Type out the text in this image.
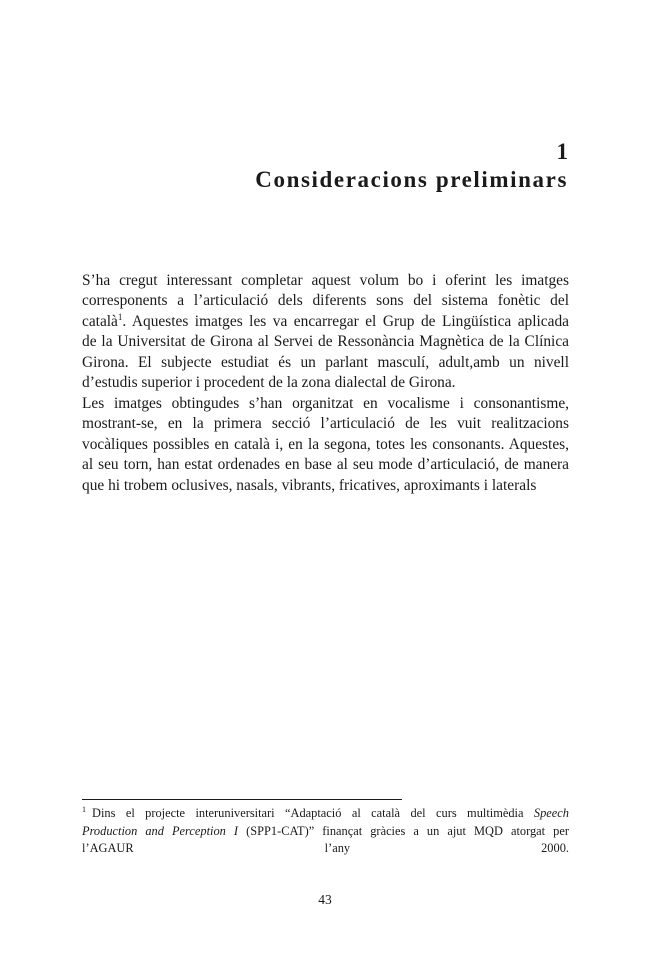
1
Consideracions preliminars

S’ha cregut interessant completar aquest volum bo i oferint les imatges
corresponents a l’articulació dels diferents sons del sistema fonètic del
català$^1$. Aquestes imatges les va encarregar el Grup de Lingüística aplicada
de la Universitat de Girona al Servei de Ressonància Magnètica de la Clínica
Girona. El subjecte estudiat és un parlant masculí, adult,amb un nivell
d’estudis superior i procedent de la zona dialectal de Girona.

Les imatges obtingudes s’han organitzat en vocalisme i consonantisme,
mostrant-se, en la primera secció l’articulació de les vuit realitzacions
vocàliques possibles en català i, en la segona, totes les consonants. Aquestes,
al seu torn, han estat ordenades en base al seu mode d’articulació, de manera
que hi trobem oclusives, nasals, vibrants, fricatives, aproximants i laterals

$^1$ Dins el projecte interuniversitari “Adaptació al català del curs multimèdia Speech
Production and Perception I (SPP1-CAT)” finançat gràcies a un ajut MQD atorgat per
l’AGAUR l’any 2000.
43
